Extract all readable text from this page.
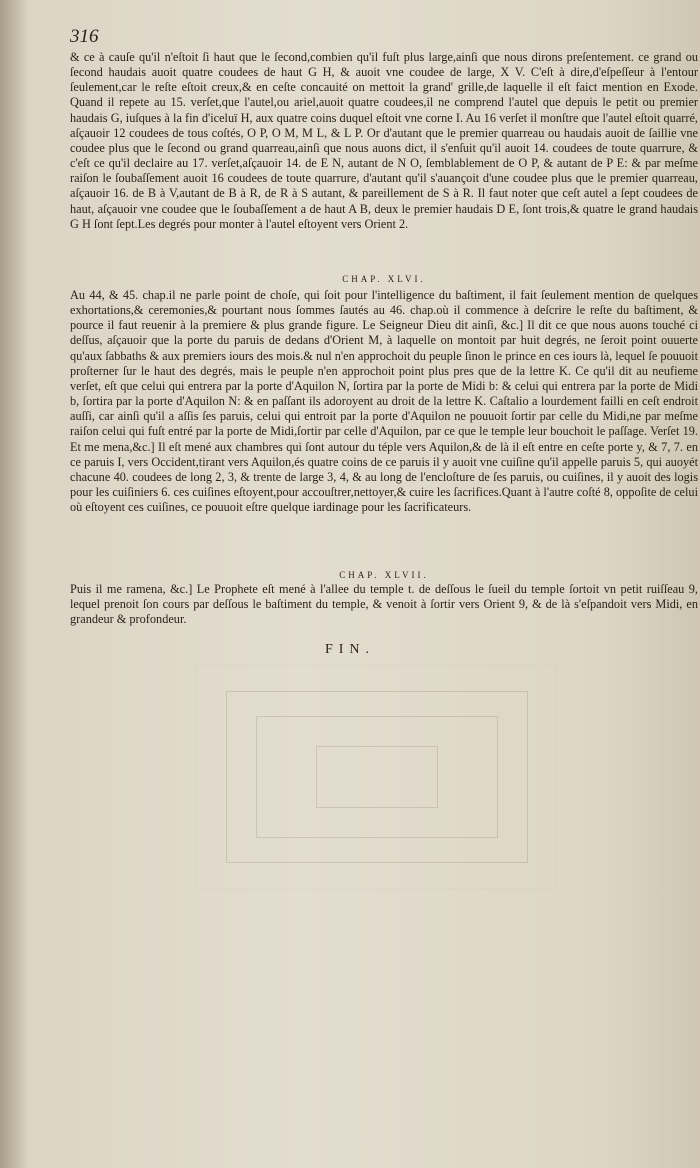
316

& ce à cauſe qu'il n'eſtoit ſi haut que le ſecond,combien qu'il fuſt plus large,ainſi que nous dirons preſentement. ce grand ou ſecond haudais auoit quatre coudees de haut G H, & auoit vne coudee de large, X V. C'eſt à dire,d'eſpeſſeur à l'entour ſeulement,car le reſte eſtoit creux,& en ceſte concauité on mettoit la grand' grille,de laquelle il eſt faict mention en Exode. Quand il repete au 15. verſet,que l'autel,ou ariel,auoit quatre coudees,il ne comprend l'autel que depuis le petit ou premier haudais G, iuſques à la fin d'iceluï H, aux quatre coins duquel eſtoit vne corne I. Au 16 verſet il monſtre que l'autel eſtoit quarré, aſçauoir 12 coudees de tous coſtés, O P, O M, M L, & L P. Or d'autant que le premier quarreau ou haudais auoit de ſaillie vne coudee plus que le ſecond ou grand quarreau,ainſi que nous auons dict, il s'enſuit qu'il auoit 14. coudees de toute quarrure, & c'eſt ce qu'il declaire au 17. verſet,aſçauoir 14. de E N, autant de N O, ſemblablement de O P, & autant de P E: & par meſme raiſon le ſoubaſſement auoit 16 coudees de toute quarrure, d'autant qu'il s'auançoit d'une coudee plus que le premier quarreau, aſçauoir 16. de B à V,autant de B à R, de R à S autant, & pareillement de S à R. Il faut noter que ceſt autel a ſept coudees de haut, aſçauoir vne coudee que le ſoubaſſement a de haut A B, deux le premier haudais D E, ſont trois,& quatre le grand haudais G H ſont ſept.Les degrés pour monter à l'autel eſtoyent vers Orient 2.

CHAP. XLVI.

Au 44, & 45. chap.il ne parle point de choſe, qui ſoit pour l'intelligence du baſtiment, il fait ſeulement mention de quelques exhortations,& ceremonies,& pourtant nous ſommes ſautés au 46. chap.où il commence à deſcrire le reſte du baſtiment, & pource il faut reuenir à la premiere & plus grande figure. Le Seigneur Dieu dit ainſi, &c.] Il dit ce que nous auons touché ci deſſus, aſçauoir que la porte du paruis de dedans d'Orient M, à laquelle on montoit par huit degrés, ne ſeroit point ouuerte qu'aux ſabbaths & aux premiers iours des mois.& nul n'en approchoit du peuple ſinon le prince en ces iours là, lequel ſe pouuoit proſterner ſur le haut des degrés, mais le peuple n'en approchoit point plus pres que de la lettre K. Ce qu'il dit au neufieme verſet, eſt que celui qui entrera par la porte d'Aquilon N, ſortira par la porte de Midi b: & celui qui entrera par la porte de Midi b, ſortira par la porte d'Aquilon N: & en paſſant ils adoroyent au droit de la lettre K. Caſtalio a lourdement failli en ceſt endroit auſſi, car ainſi qu'il a aſſis ſes paruis, celui qui entroit par la porte d'Aquilon ne pouuoit ſortir par celle du Midi,ne par meſme raiſon celui qui fuſt entré par la porte de Midi,ſortir par celle d'Aquilon, par ce que le temple leur bouchoit le paſſage. Verſet 19. Et me mena,&c.] Il eſt mené aux chambres qui ſont autour du téple vers Aquilon,& de là il eſt entre en ceſte porte y, & 7, 7. en ce paruis I, vers Occident,tirant vers Aquilon,és quatre coins de ce paruis il y auoit vne cuiſine qu'il appelle paruis 5, qui auoyét chacune 40. coudees de long 2, 3, & trente de large 3, 4, & au long de l'encloſture de ſes paruis, ou cuiſines, il y auoit des logis pour les cuiſiniers 6. ces cuiſines eſtoyent,pour accouſtrer,nettoyer,& cuire les ſacrifices.Quant à l'autre coſté 8, oppoſite de celui où eſtoyent ces cuiſines, ce pouuoit eſtre quelque iardinage pour les ſacrificateurs.

CHAP. XLVII.

Puis il me ramena, &c.] Le Prophete eſt mené à l'allee du temple t. de deſſous le ſueil du temple ſortoit vn petit ruiſſeau 9, lequel prenoit ſon cours par deſſous le baſtiment du temple, & venoit à ſortir vers Orient 9, & de là s'eſpandoit vers Midi, en grandeur & profondeur.

FIN.
